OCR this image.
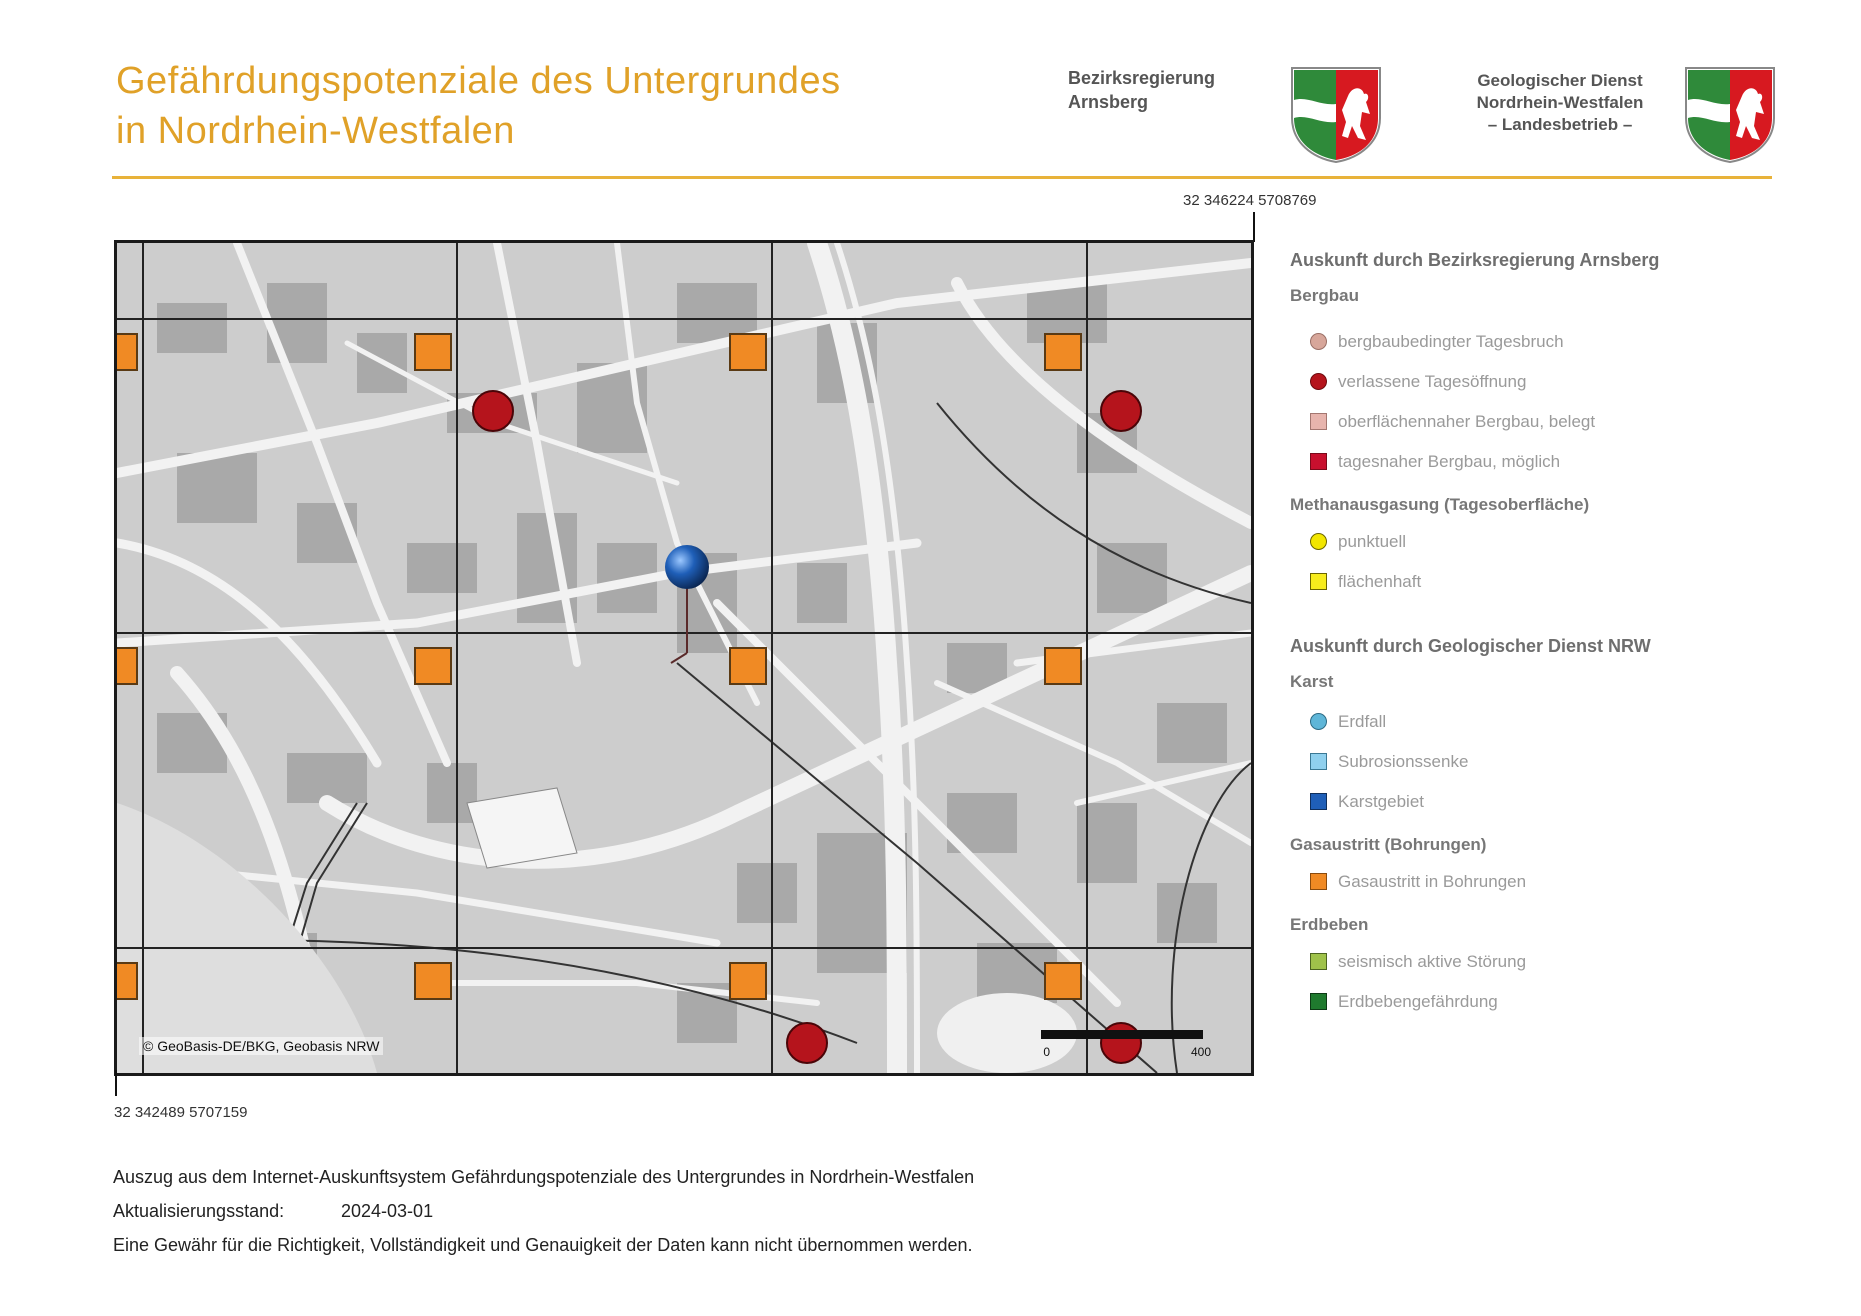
Gefährdungspotenziale des Untergrundes
in Nordrhein-Westfalen
Bezirksregierung
Arnsberg
Geologischer Dienst
Nordrhein-Westfalen
– Landesbetrieb –
32 346224 5708769
© GeoBasis-DE/BKG, Geobasis NRW	0	400
32 342489 5707159
Auskunft durch Bezirksregierung Arnsberg
Bergbau
bergbaubedingter Tagesbruch
verlassene Tagesöffnung
oberflächennaher Bergbau, belegt
tagesnaher Bergbau, möglich
Methanausgasung (Tagesoberfläche)
punktuell
flächenhaft
Auskunft durch Geologischer Dienst NRW
Karst
Erdfall
Subrosionssenke
Karstgebiet
Gasaustritt (Bohrungen)
Gasaustritt in Bohrungen
Erdbeben
seismisch aktive Störung
Erdbebengefährdung
Auszug aus dem Internet-Auskunftsystem Gefährdungspotenziale des Untergrundes in Nordrhein-Westfalen
Aktualisierungsstand:	2024-03-01
Eine Gewähr für die Richtigkeit, Vollständigkeit und Genauigkeit der Daten kann nicht übernommen werden.
